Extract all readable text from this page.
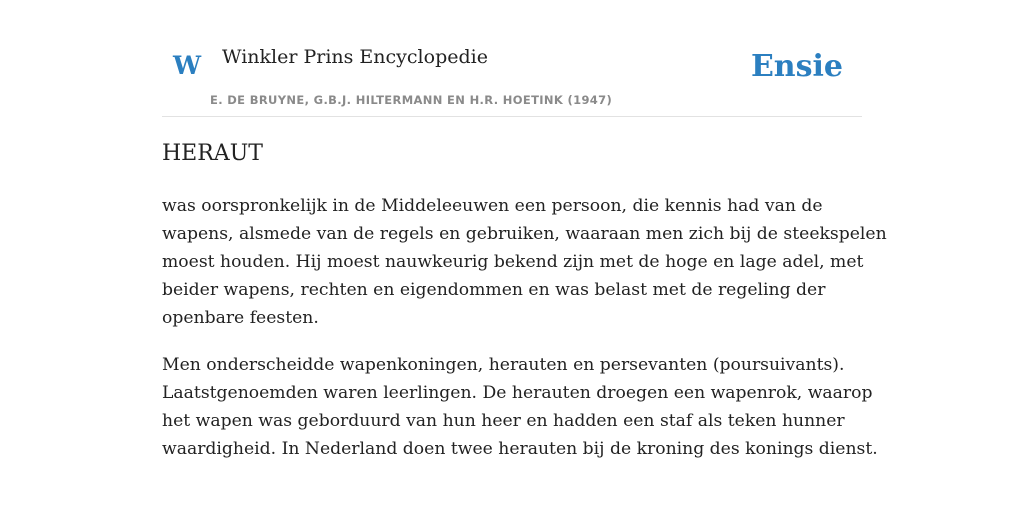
W Winkler Prins Encyclopedie
E. DE BRUYNE, G.B.J. HILTERMANN EN H.R. HOETINK (1947)
Ensie
HERAUT

was oorspronkelijk in de Middeleeuwen een persoon, die kennis had van de
wapens, alsmede van de regels en gebruiken, waaraan men zich bij de steekspelen
moest houden. Hij moest nauwkeurig bekend zijn met de hoge en lage adel, met
beider wapens, rechten en eigendommen en was belast met de regeling der
openbare feesten.

Men onderscheidde wapenkoningen, herauten en persevanten (poursuivants).
Laatstgenoemden waren leerlingen. De herauten droegen een wapenrok, waarop
het wapen was geborduurd van hun heer en hadden een staf als teken hunner
waardigheid. In Nederland doen twee herauten bij de kroning des konings dienst.
